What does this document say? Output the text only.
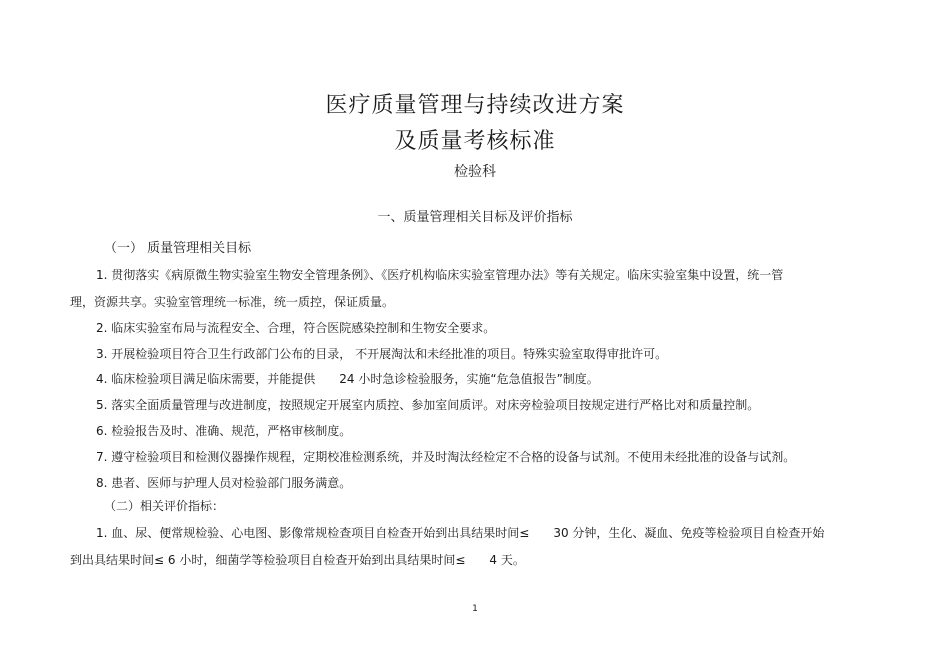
医疗质量管理与持续改进方案
及质量考核标准
检验科
一、质量管理相关目标及评价指标
（一） 质量管理相关目标
1. 贯彻落实《病原微生物实验室生物安全管理条例》、《医疗机构临床实验室管理办法》等有关规定。临床实验室集中设置，统一管
理，资源共享。实验室管理统一标准，统一质控，保证质量。
2. 临床实验室布局与流程安全、合理，符合医院感染控制和生物安全要求。
3. 开展检验项目符合卫生行政部门公布的目录， 不开展淘汰和未经批准的项目。特殊实验室取得审批许可。
4. 临床检验项目满足临床需要，并能提供　　24 小时急诊检验服务，实施“危急值报告”制度。
5. 落实全面质量管理与改进制度，按照规定开展室内质控、参加室间质评。对床旁检验项目按规定进行严格比对和质量控制。
6. 检验报告及时、准确、规范，严格审核制度。
7. 遵守检验项目和检测仪器操作规程，定期校准检测系统，并及时淘汰经检定不合格的设备与试剂。不使用未经批准的设备与试剂。
8. 患者、医师与护理人员对检验部门服务满意。
（二）相关评价指标：
1. 血、尿、便常规检验、心电图、影像常规检查项目自检查开始到出具结果时间≤　　30 分钟，生化、凝血、免疫等检验项目自检查开始
到出具结果时间≤ 6 小时，细菌学等检验项目自检查开始到出具结果时间≤　　4 天。
1
